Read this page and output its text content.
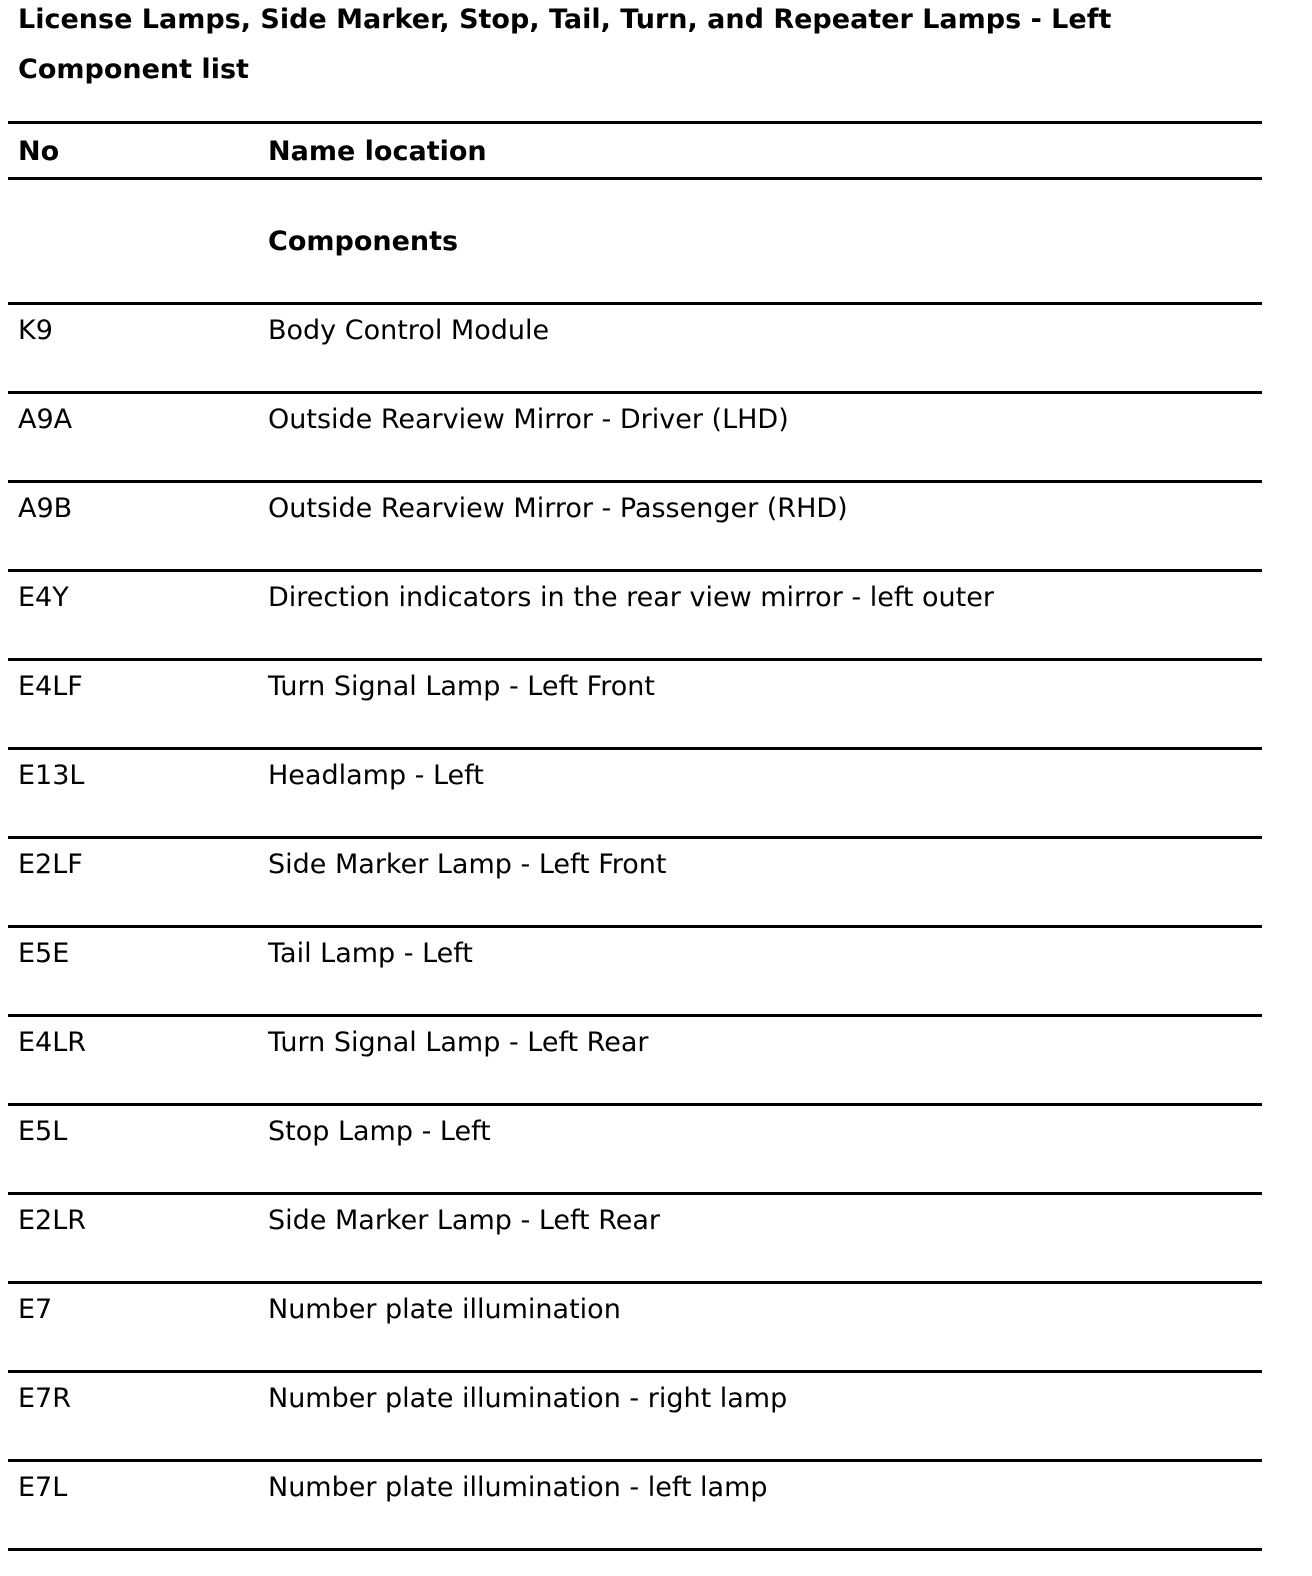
License Lamps, Side Marker, Stop, Tail, Turn, and Repeater Lamps - Left
Component list
No	Name location
Components
K9	Body Control Module
A9A	Outside Rearview Mirror - Driver (LHD)
A9B	Outside Rearview Mirror - Passenger (RHD)
E4Y	Direction indicators in the rear view mirror - left outer
E4LF	Turn Signal Lamp - Left Front
E13L	Headlamp - Left
E2LF	Side Marker Lamp - Left Front
E5E	Tail Lamp - Left
E4LR	Turn Signal Lamp - Left Rear
E5L	Stop Lamp - Left
E2LR	Side Marker Lamp - Left Rear
E7	Number plate illumination
E7R	Number plate illumination - right lamp
E7L	Number plate illumination - left lamp
